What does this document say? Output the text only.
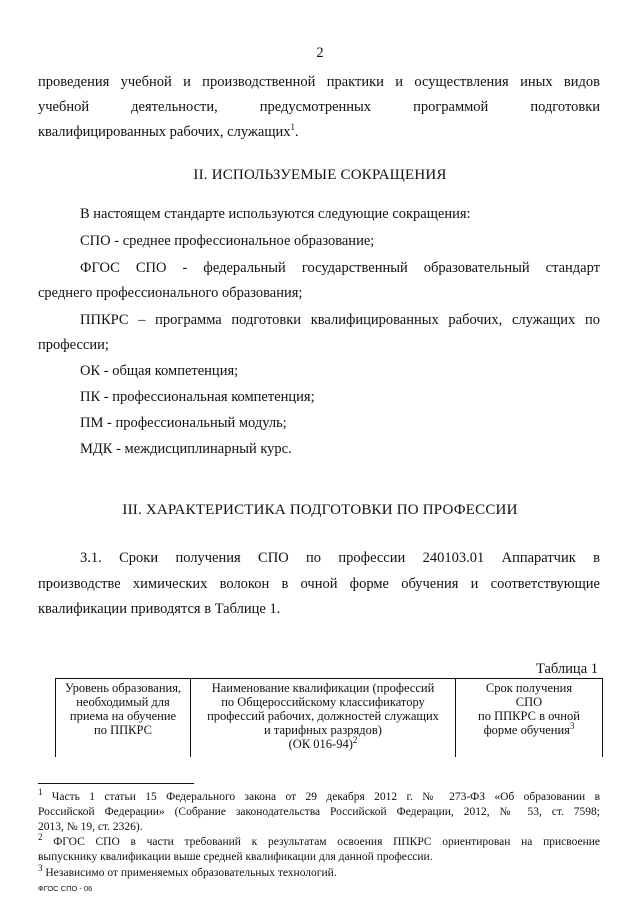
2
проведения учебной и производственной практики и осуществления иных видов
учебной деятельности, предусмотренных программой подготовки
квалифицированных рабочих, служащих$^1$.
II. ИСПОЛЬЗУЕМЫЕ СОКРАЩЕНИЯ
В настоящем стандарте используются следующие сокращения:
СПО - среднее профессиональное образование;
ФГОС СПО - федеральный государственный образовательный стандарт
среднего профессионального образования;
ППКРС – программа подготовки квалифицированных рабочих, служащих по
профессии;
ОК - общая компетенция;
ПК - профессиональная компетенция;
ПМ - профессиональный модуль;
МДК - междисциплинарный курс.
III. ХАРАКТЕРИСТИКА ПОДГОТОВКИ ПО ПРОФЕССИИ
3.1. Сроки получения СПО по профессии 240103.01 Аппаратчик в
производстве химических волокон в очной форме обучения и соответствующие
квалификации приводятся в Таблице 1.
Таблица 1
Уровень образования,
необходимый для
приема на обучение
по ППКРС

Наименование квалификации (профессий
по Общероссийскому классификатору
профессий рабочих, должностей служащих
и тарифных разрядов)
(ОК 016-94)$^2$

Срок получения
СПО
по ППКРС в очной
форме обучения$^3$
$^1$ Часть 1 статьи 15 Федерального закона от 29 декабря 2012 г. № 273-ФЗ «Об образовании в
Российской Федерации» (Собрание законодательства Российской Федерации, 2012, № 53, ст. 7598;
2013, № 19, ст. 2326).
$^2$ ФГОС СПО в части требований к результатам освоения ППКРС ориентирован на присвоение
выпускнику квалификации выше средней квалификации для данной профессии.
$^3$ Независимо от применяемых образовательных технологий.
ФГОС СПО - 06
